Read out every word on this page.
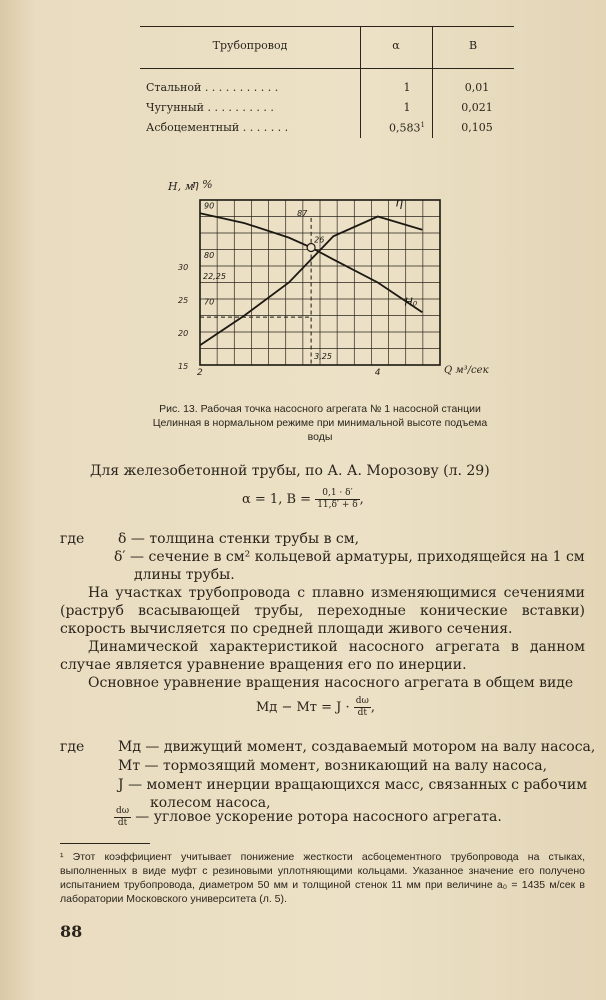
Трубопровод	α	B
Стальной . . . . . . . . . . .	1	0,01
Чугунный . . . . . . . . . .	1	0,021
Асбоцементный . . . . . . .	0,583$^1$	0,105
15
20
25
30
2	4
H, м
η %
Q м³/сек
22,25
3,25
87
26
η
H₀
90
80
70
Рис. 13. Рабочая точка насосного агрегата № 1 насосной станции Целинная в нормальном режиме при минимальной высоте подъема воды
Для железобетонной трубы, по А. А. Морозову (л. 29)
α = 1, $B = \frac{0,1 \cdot \delta'}{11,\delta' + \delta}$ ,
где δ — толщина стенки трубы в см,
δ′ — сечение в см² кольцевой арматуры, приходящейся на 1 см
длины трубы.
На участках трубопровода с плавно изменяющимися сечениями (раструб всасывающей трубы, переходные конические вставки) скорость вычисляется по средней площади живого сечения.
Динамической характеристикой насосного агрегата в данном случае является уравнение вращения его по инерции.
Основное уравнение вращения насосного агрегата в общем виде
Mд − Mт = $J \cdot \frac{d\omega}{dt}$ ,
где Mд — движущий момент, создаваемый мотором на валу насоса,
Mт — тормозящий момент, возникающий на валу насоса,
J — момент инерции вращающихся масс, связанных с рабочим
колесом насоса,
$\frac{d\omega}{dt}$ — угловое ускорение ротора насосного агрегата.
¹ Этот коэффициент учитывает понижение жесткости асбоцементного трубопровода на стыках, выполненных в виде муфт с резиновыми уплотняющими кольцами. Указанное значение его получено испытанием трубопровода, диаметром 50 мм и толщиной стенок 11 мм при величине a₀ = 1435 м/сек в лаборатории Московского университета (л. 5).
88
